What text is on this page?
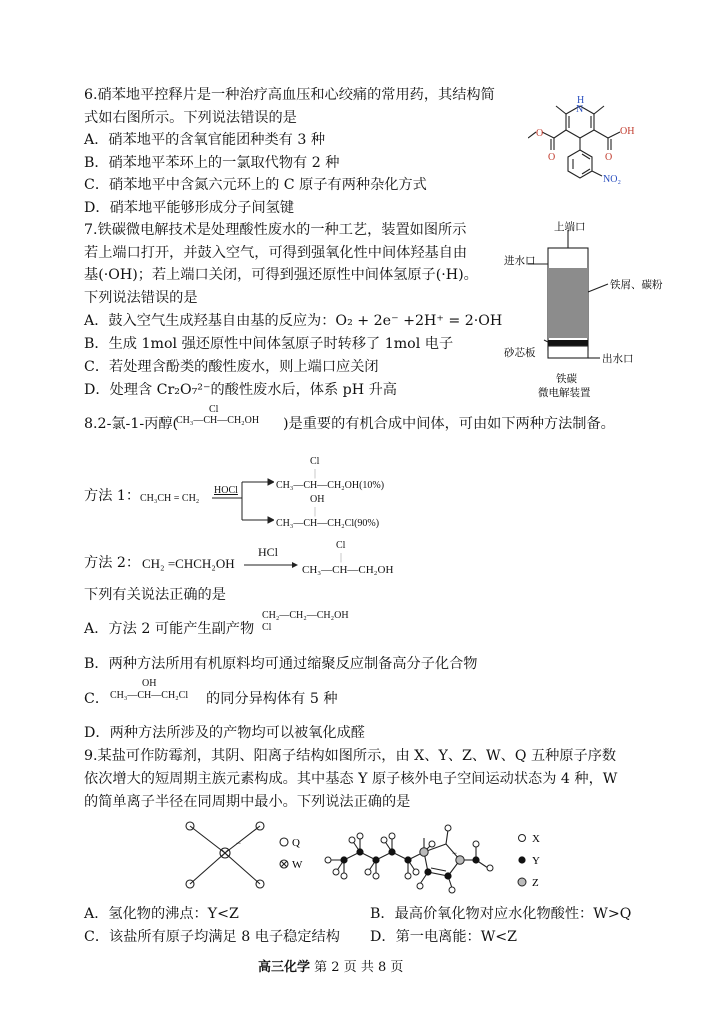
6.硝苯地平控释片是一种治疗高血压和心绞痛的常用药，其结构简
式如右图所示。下列说法错误的是
A．硝苯地平的含氧官能团种类有 3 种
B．硝苯地平苯环上的一氯取代物有 2 种
C．硝苯地平中含氮六元环上的 C 原子有两种杂化方式
D．硝苯地平能够形成分子间氢键
H
N
OH
O
O	O
NO₂
7.铁碳微电解技术是处理酸性废水的一种工艺，装置如图所示
若上端口打开，并鼓入空气，可得到强氧化性中间体羟基自由
基(·OH)；若上端口关闭，可得到强还原性中间体氢原子(·H)。
下列说法错误的是
A．鼓入空气生成羟基自由基的反应为：O₂ + 2e⁻ +2H⁺ = 2·OH
B．生成 1mol 强还原性中间体氢原子时转移了 1mol 电子
C．若处理含酚类的酸性废水，则上端口应关闭
D．处理含 Cr₂O₇²⁻的酸性废水后，体系 pH 升高
上端口
进水口
铁屑、碳粉
砂芯板
出水口
铁碳
微电解装置
8.2-氯-1-丙醇(
Cl
CH₃—CH—CH₂OH )是重要的有机合成中间体，可由如下两种方法制备。
方法 1： CH₃CH = CH₂
HOCl
Cl
|
CH₃—CH—CH₂OH(10%)
OH
|
CH₃—CH—CH₂Cl(90%)
方法 2： CH₂ =CHCH₂OH
HCl	Cl
|
CH₃—CH—CH₂OH
下列有关说法正确的是
A．方法 2 可能产生副产物
CH₂—CH₂—CH₂OH
Cl
B．两种方法所用有机原料均可通过缩聚反应制备高分子化合物
C．
OH
CH₃—CH—CH₂Cl 的同分异构体有 5 种
D．两种方法所涉及的产物均可以被氧化成醛
9.某盐可作防霉剂，其阴、阳离子结构如图所示，由 X、Y、Z、W、Q 五种原子序数
依次增大的短周期主族元素构成。其中基态 Y 原子核外电子空间运动状态为 4 种，W
的简单离子半径在同周期中最小。下列说法正确的是
−	Q
W
−
X
Y
Z
A．氢化物的沸点：Y<Z	B．最高价氧化物对应水化物酸性：W>Q
C．该盐所有原子均满足 8 电子稳定结构 D．第一电离能：W<Z
高三化学 第 2 页 共 8 页
